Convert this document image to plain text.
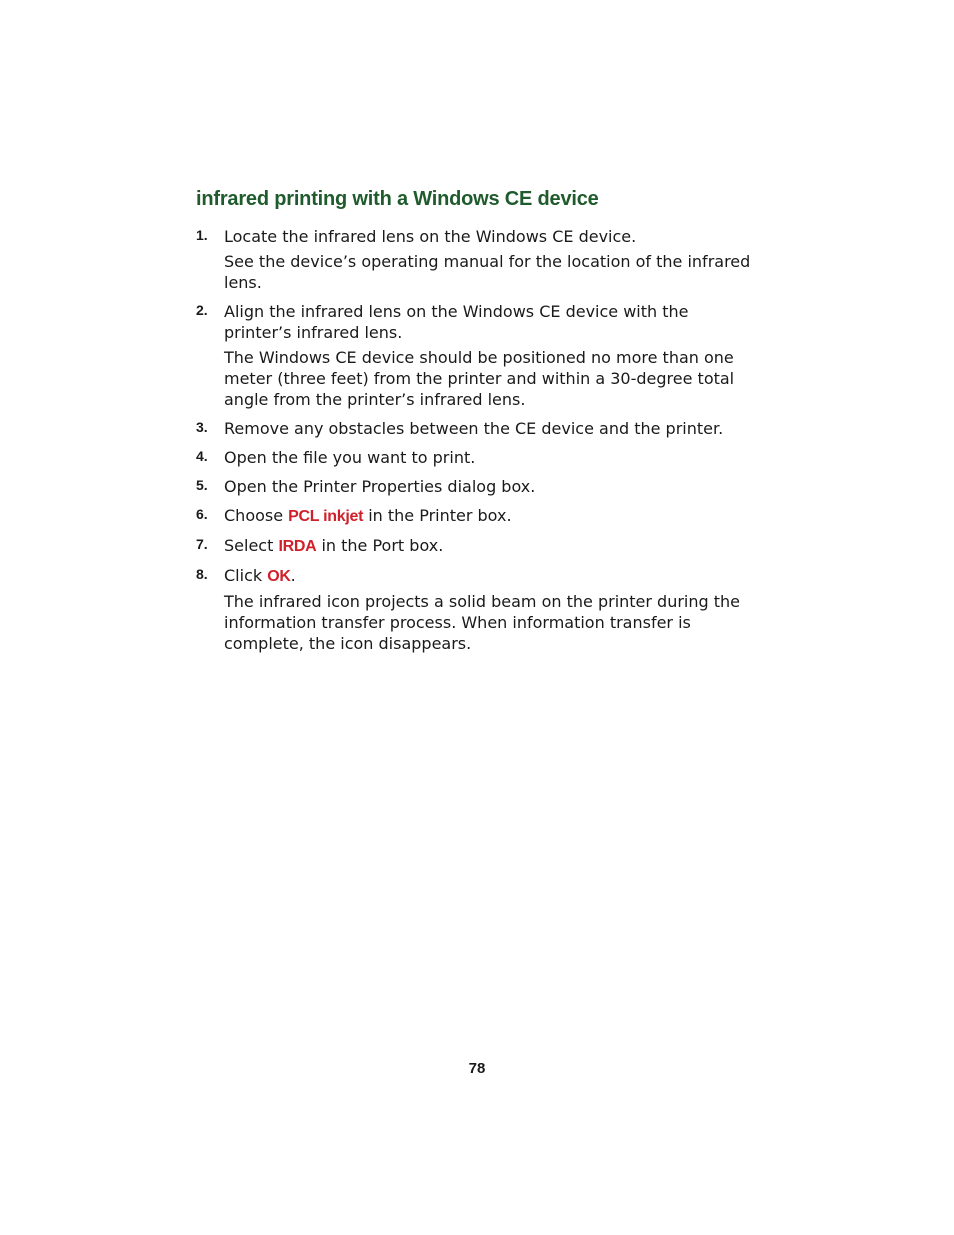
infrared printing with a Windows CE device
1. Locate the infrared lens on the Windows CE device.

See the device’s operating manual for the location of the infrared lens.

2. Align the infrared lens on the Windows CE device with the printer’s infrared lens.

The Windows CE device should be positioned no more than one meter (three feet) from the printer and within a 30-degree total angle from the printer’s infrared lens.

3. Remove any obstacles between the CE device and the printer.

4. Open the file you want to print.

5. Open the Printer Properties dialog box.

6. Choose PCL inkjet in the Printer box.

7. Select IRDA in the Port box.

8. Click OK.

The infrared icon projects a solid beam on the printer during the information transfer process. When information transfer is complete, the icon disappears.

78
